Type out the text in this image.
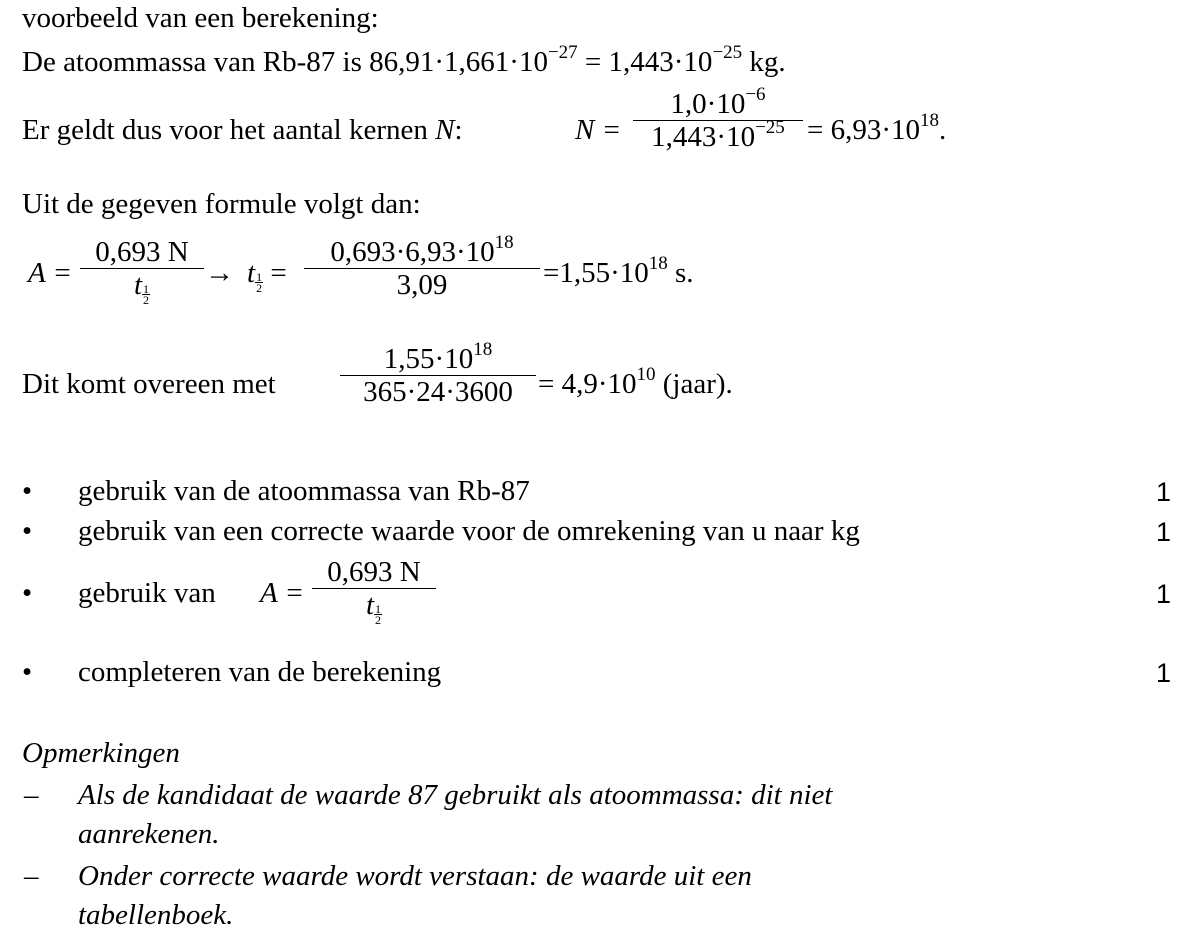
voorbeeld van een berekening:
De atoommassa van Rb-87 is $86,91\cdot 1,661\cdot 10^{-27} = 1,443\cdot 10^{-25}$ kg.
Er geldt dus voor het aantal kernen N:	N =
$1,0\cdot 10^{-6}$
$1,443\cdot 10^{-25} = 6,93\cdot 10^{18}$.
Uit de gegeven formule volgt dan:
A =
0,693 N
t $\frac{1}{2}$
→ t $\frac{1}{2}$ =
$0,693\cdot 6,93\cdot 10^{18}$
3,09	$=1,55\cdot 10^{18}$ s.
Dit komt overeen met
$1,55\cdot 10^{18}$
$365\cdot 24\cdot 3600 = 4,9\cdot 10^{10}$ (jaar).
• gebruik van de atoommassa van Rb-87	1
• gebruik van een correcte waarde voor de omrekening van u naar kg	1
• gebruik van A =
0,693 N
t $\frac{1}{2}$
1
• completeren van de berekening	1
Opmerkingen
– Als de kandidaat de waarde 87 gebruikt als atoommassa: dit niet
aanrekenen.
– Onder correcte waarde wordt verstaan: de waarde uit een
tabellenboek.
